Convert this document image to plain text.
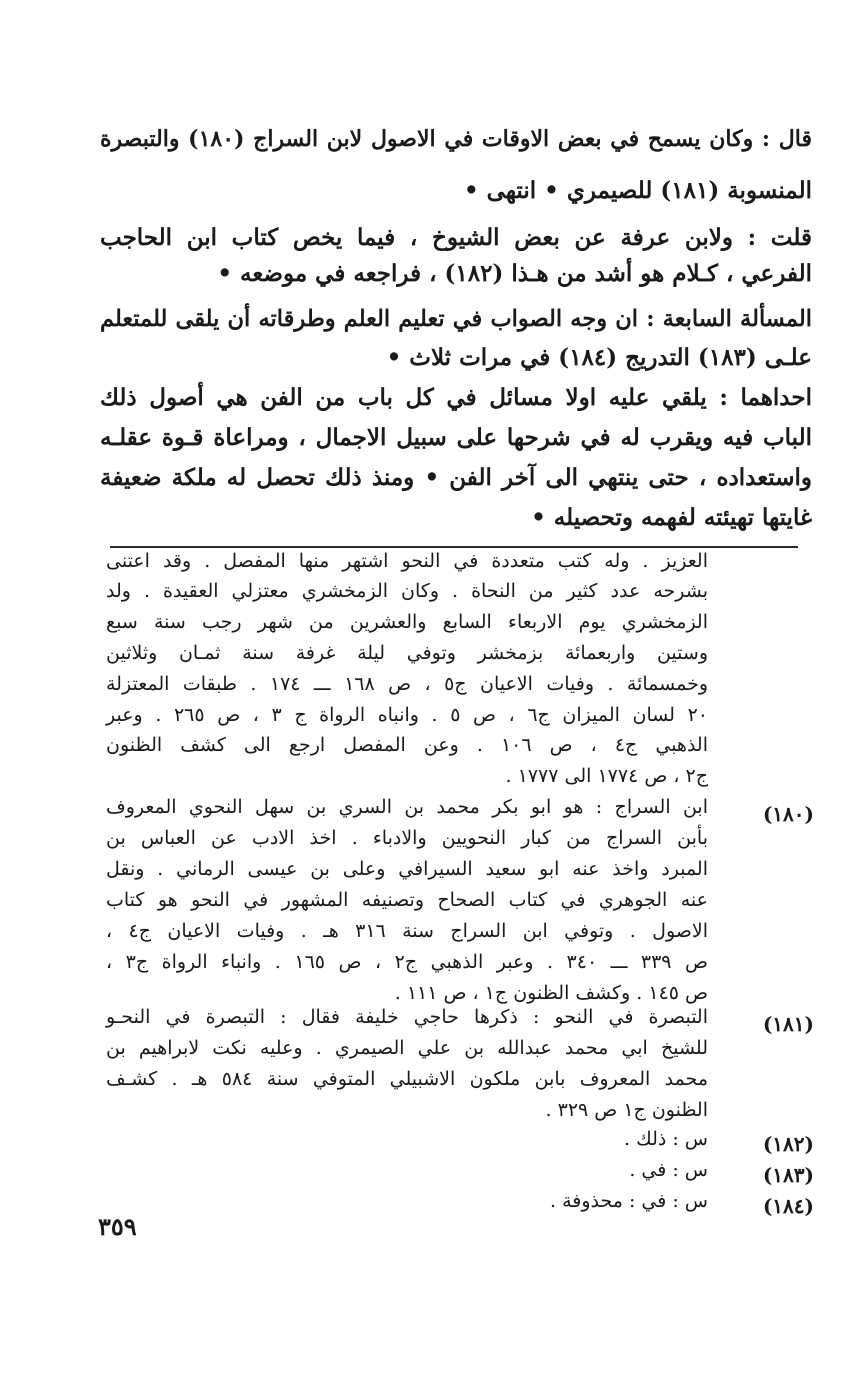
قال : وكان يسمح في بعض الاوقات في الاصول لابن السراج (١٨٠) والتبصرة
المنسوبة (١٨١) للصيمري • انتهى •
قلت : ولابن عرفة عن بعض الشيوخ ، فيما يخص كتاب ابن الحاجب
الفرعي ، كـلام هو أشد من هـذا (١٨٢) ، فراجعه في موضعه •
المسألة السابعة : ان وجه الصواب في تعليم العلم وطرقاته أن يلقى للمتعلم
علـى (١٨٣) التدريج (١٨٤) في مرات ثلاث •
احداهما : يلقي عليه اولا مسائل في كل باب من الفن هي أصول ذلك
الباب فيه ويقرب له في شرحها على سبيل الاجمال ، ومراعاة قـوة عقلـه
واستعداده ، حتى ينتهي الى آخر الفن • ومنذ ذلك تحصل له ملكة ضعيفة
غايتها تهيئته لفهمه وتحصيله •
العزيز . وله كتب متعددة في النحو اشتهر منها المفصل . وقد اعتنى
بشرحه عدد كثير من النحاة . وكان الزمخشري معتزلي العقيدة . ولد
الزمخشري يوم الاربعاء السابع والعشرين من شهر رجب سنة سبع
وستين واربعمائة بزمخشر وتوفي ليلة غرفة سنة ثمـان وثلاثين
وخمسمائة . وفيات الاعيان ج٥ ، ص ١٦٨ ـــ ١٧٤ . طبقات المعتزلة
٢٠ لسان الميزان ج٦ ، ص ٥ . وانباه الرواة ج ٣ ، ص ٢٦٥ . وعبر
الذهبي ج٤ ، ص ١٠٦ . وعن المفصل ارجع الى كشف الظنون
ج٢ ، ص ١٧٧٤ الى ١٧٧٧ .
(١٨٠)
ابن السراج : هو ابو بكر محمد بن السري بن سهل النحوي المعروف
بأبن السراج من كبار النحويين والادباء . اخذ الادب عن العباس بن
المبرد واخذ عنه ابو سعيد السيرافي وعلى بن عيسى الرماني . ونقل
عنه الجوهري في كتاب الصحاح وتصنيفه المشهور في النحو هو كتاب
الاصول . وتوفي ابن السراج سنة ٣١٦ هـ . وفيات الاعيان ج٤ ،
ص ٣٣٩ ـــ ٣٤٠ . وعبر الذهبي ج٢ ، ص ١٦٥ . وانباء الرواة ج٣ ،
ص ١٤٥ . وكشف الظنون ج١ ، ص ١١١ .
(١٨١)
التبصرة في النحو : ذكرها حاجي خليفة فقال : التبصرة في النحـو
للشيخ ابي محمد عبدالله بن علي الصيمري . وعليه نكت لابراهيم بن
محمد المعروف بابن ملكون الاشبيلي المتوفي سنة ٥٨٤ هـ . كشـف
الظنون ج١ ص ٣٢٩ .
(١٨٢)
س : ذلك .
(١٨٣)
س : في .
(١٨٤)
س : في : محذوفة .
٣٥٩
